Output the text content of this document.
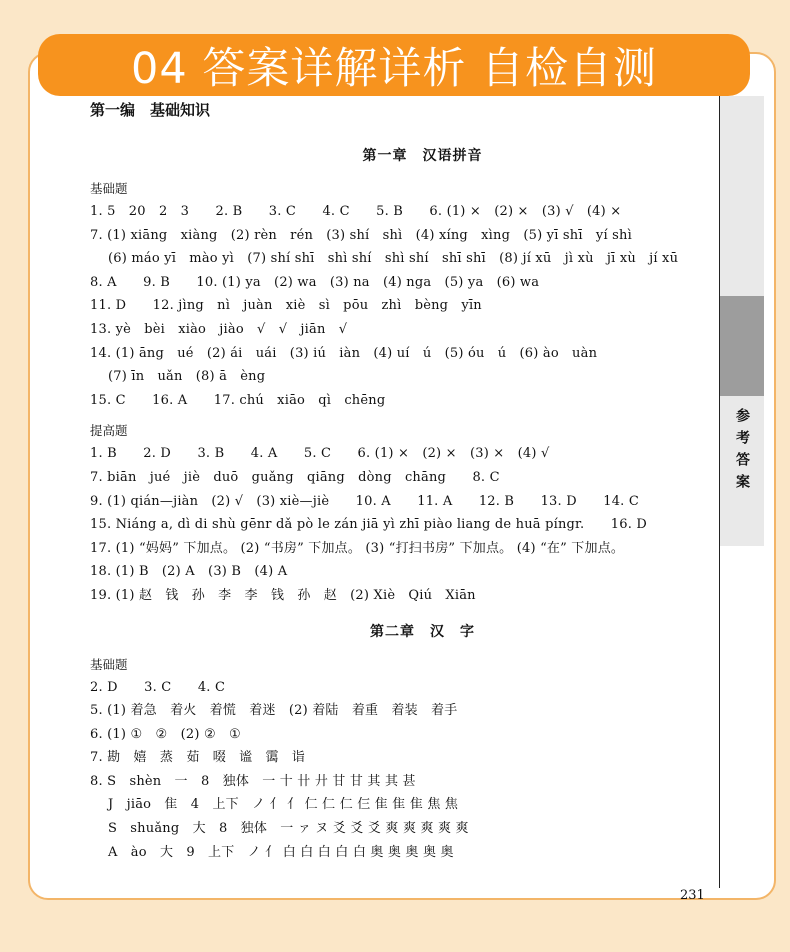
04 答案详解详析 自检自测
参考答案
第一编　基础知识
第一章　汉语拼音
基础题
1. 5　20　2　3　　2. B　　3. C　　4. C　　5. B　　6. (1) ×　(2) ×　(3) √　(4) ×
7. (1) xiāng　xiàng　(2) rèn　rén　(3) shí　shì　(4) xíng　xìng　(5) yī shī　yí shì
(6) máo yī　mào yì　(7) shí shī　shì shí　shì shí　shī shī　(8) jí xū　jì xù　jī xù　jí xū
8. A　　9. B　　10. (1) ya　(2) wa　(3) na　(4) nga　(5) ya　(6) wa
11. D　　12. jìng　nì　juàn　xiè　sì　pōu　zhì　bèng　yīn
13. yè　bèi　xiào　jiào　√　√　jiān　√
14. (1) āng　ué　(2) ái　uái　(3) iú　iàn　(4) uí　ú　(5) óu　ú　(6) ào　uàn
(7) īn　uǎn　(8) ā　èng
15. C　　16. A　　17. chú　xiāo　qì　chēng
提高题
1. B　　2. D　　3. B　　4. A　　5. C　　6. (1) ×　(2) ×　(3) ×　(4) √
7. biān　jué　jiè　duō　guǎng　qiāng　dòng　chāng　　8. C
9. (1) qián—jiàn　(2) √　(3) xiè—jiè　　10. A　　11. A　　12. B　　13. D　　14. C
15. Niáng a, dì di shù gēnr dǎ pò le zán jiā yì zhī piào liang de huā píngr.　　16. D
17. (1) “妈妈” 下加点。 (2) “书房” 下加点。 (3) “打扫书房” 下加点。 (4) “在” 下加点。
18. (1) B　(2) A　(3) B　(4) A
19. (1) 赵　钱　孙　李　李　钱　孙　赵　(2) Xiè　Qiú　Xiān
第二章　汉　字
基础题
2. D　　3. C　　4. C
5. (1) 着急　着火　着慌　着迷　(2) 着陆　着重　着装　着手
6. (1) ①　②　(2) ②　①
7. 勘　嬉　蒸　茹　啜　谧　霭　诣
8. S　shèn　一　8　独体　一 十 卄 廾 甘 甘 其 其 甚
J　jiāo　隹　4　上下　ノ 亻 亻 仁 仁 仁 仨 隹 隹 隹 焦 焦
S　shuǎng　大　8　独体　一 ァ ヌ 爻 爻 爻 爽 爽 爽 爽 爽
A　ào　大　9　上下　ノ 亻 白 白 白 白 白 奥 奥 奥 奥 奥
231
